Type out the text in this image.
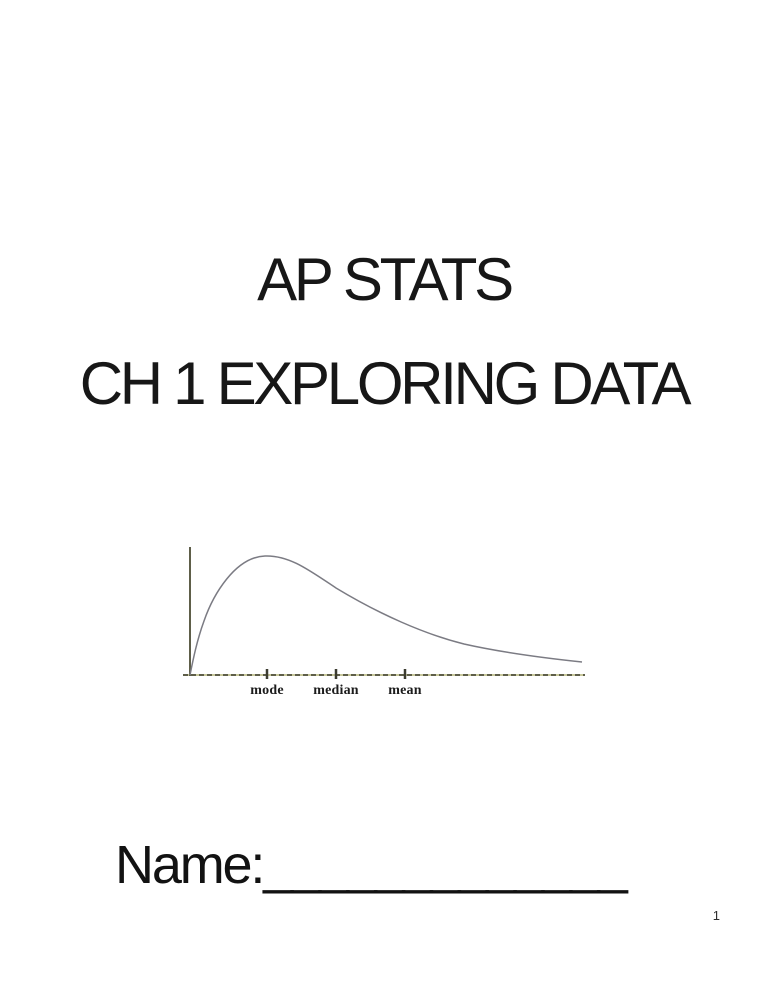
AP STATS
CH 1 EXPLORING DATA
mode median mean
Name:_____________
1
